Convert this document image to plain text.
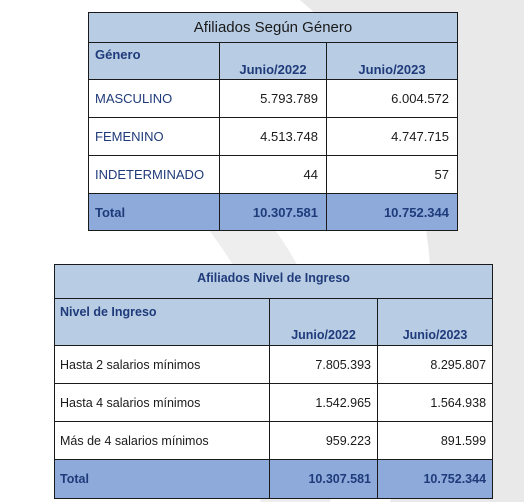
Afiliados Según Género		
Género	Junio/2022	Junio/2023
MASCULINO	5.793.789	6.004.572
FEMENINO	4.513.748	4.747.715
INDETERMINADO	44	57
Total	10.307.581	10.752.344
Afiliados Nivel de Ingreso		
Nivel de Ingreso	Junio/2022	Junio/2023
Hasta 2 salarios mínimos	7.805.393	8.295.807
Hasta 4 salarios mínimos	1.542.965	1.564.938
Más de 4 salarios mínimos	959.223	891.599
Total	10.307.581	10.752.344
